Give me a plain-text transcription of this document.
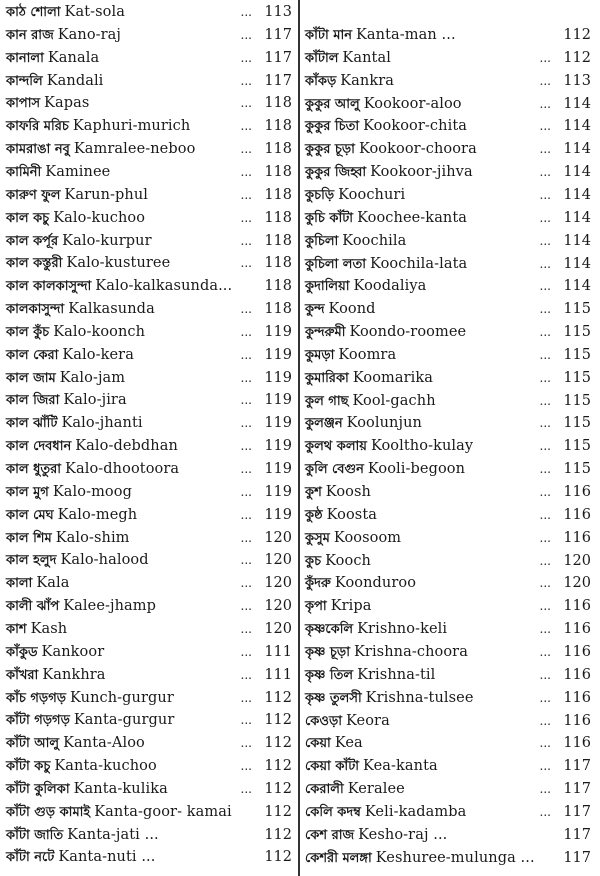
কাঠ শোলা Kat-sola	... 113
কান রাজ Kano-raj	... 117
কানালা Kanala	... 117
কান্দলি Kandali	... 117
কাপাস Kapas	... 118
কাফরি মরিচ Kaphuri-murich	... 118
কামরাঙা নবু Kamralee-neboo	... 118
কামিনী Kaminee	... 118
কারুণ ফুল Karun-phul	... 118
কাল কচু Kalo-kuchoo	... 118
কাল কর্পূর Kalo-kurpur	... 118
কাল কস্তুরী Kalo-kusturee	... 118
কাল কালকাসুন্দা Kalo-kalkasunda...	118
কালকাসুন্দা Kalkasunda	... 118
কাল কুঁচ Kalo-koonch	... 119
কাল কেরা Kalo-kera	... 119
কাল জাম Kalo-jam	... 119
কাল জিরা Kalo-jira	... 119
কাল ঝাঁটি Kalo-jhanti	... 119
কাল দেবধান Kalo-debdhan	... 119
কাল ধুতুরা Kalo-dhootoora	... 119
কাল মুগ Kalo-moog	... 119
কাল মেঘ Kalo-megh	... 119
কাল শিম Kalo-shim	... 120
কাল হলুদ Kalo-halood	... 120
কালা Kala	... 120
কালী ঝাঁপ Kalee-jhamp	... 120
কাশ Kash	... 120
কাঁকুড Kankoor	... 111
কাঁখরা Kankhra	... 111
কাঁচ গড়গড় Kunch-gurgur	... 112
কাঁটা গড়গড় Kanta-gurgur	... 112
কাঁটা আলু Kanta-Aloo	... 112
কাঁটা কচু Kanta-kuchoo	... 112
কাঁটা কুলিকা Kanta-kulika	... 112
কাঁটা গুড় কামাই Kanta-goor- kamai	112
কাঁটা জাতি Kanta-jati ...	112
কাঁটা নটে Kanta-nuti ...	112
কাঁটা মান Kanta-man ...	112
কাঁটাল Kantal	... 112
কাঁকড় Kankra	... 113
কুকুর আলু Kookoor-aloo	... 114
কুকুর চিতা Kookoor-chita	... 114
কুকুর চূড়া Kookoor-choora	... 114
কুকুর জিহ্বা Kookoor-jihva	... 114
কুচড়ি Koochuri	... 114
কুচি কাঁটা Koochee-kanta	... 114
কুচিলা Koochila	... 114
কুচিলা লতা Koochila-lata	... 114
কুদালিয়া Koodaliya	... 114
কুন্দ Koond	... 115
কুন্দরুমী Koondo-roomee	... 115
কুমড়া Koomra	... 115
কুমারিকা Koomarika	... 115
কুল গাছ Kool-gachh	... 115
কুলঞ্জন Koolunjun	... 115
কুলথ কলায় Kooltho-kulay	... 115
কুলি বেগুন Kooli-begoon	... 115
কুশ Koosh	... 116
কুষ্ঠ Koosta	... 116
কুসুম Koosoom	... 116
কুচ Kooch	... 120
কুঁদরু Koonduroo	... 120
কৃপা Kripa	... 116
কৃষ্ণকেলি Krishno-keli	... 116
কৃষ্ণ চূড়া Krishna-choora	... 116
কৃষ্ণ তিল Krishna-til	... 116
কৃষ্ণ তুলসী Krishna-tulsee	... 116
কেওড়া Keora	... 116
কেয়া Kea	... 116
কেয়া কাঁটা Kea-kanta	... 117
কেরালী Keralee	... 117
কেলি কদম্ব Keli-kadamba	... 117
কেশ রাজ Kesho-raj ...	117
কেশরী মলঙ্গা Keshuree-mulunga ...	117
